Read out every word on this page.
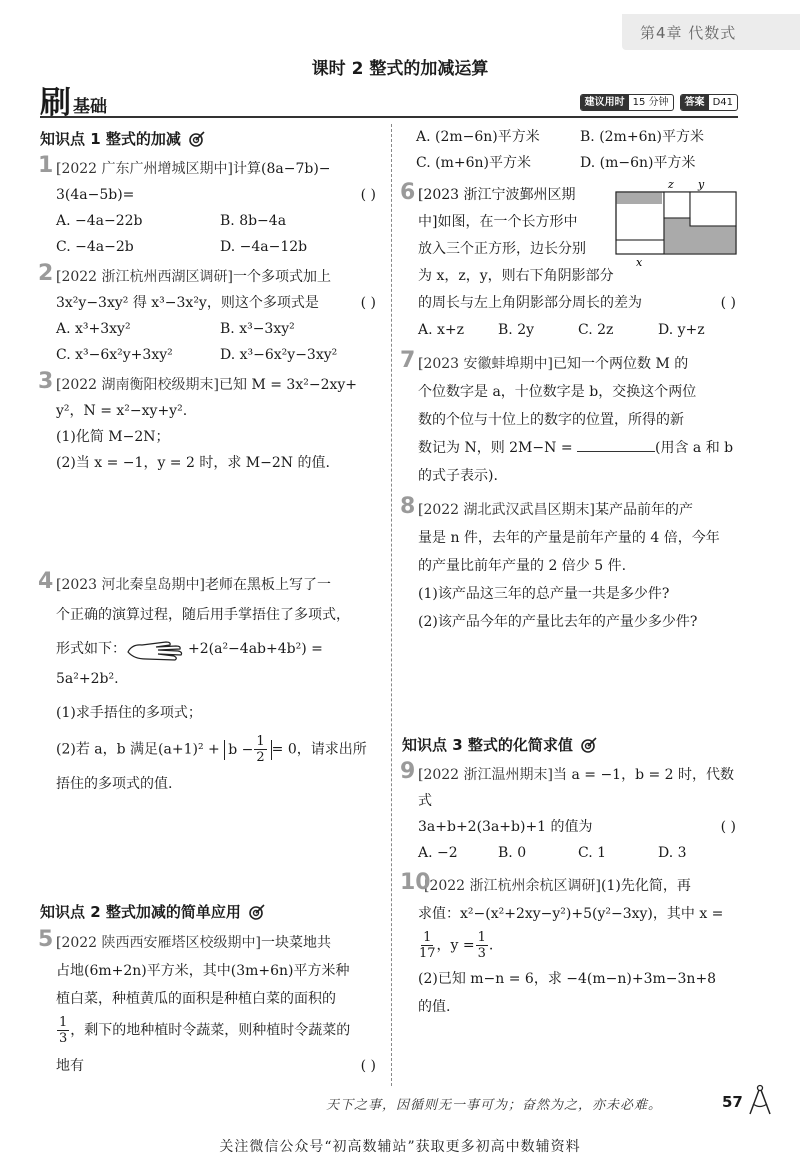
第4章 代数式
课时 2 整式的加减运算
刷 基础	建议用时 15 分钟	答案 D41
知识点 1 整式的加减
1 [2022 广东广州增城区期中]计算(8a−7b)−
3(4a−5b)=	( )
A. −4a−22b	B. 8b−4a
C. −4a−2b	D. −4a−12b
2 [2022 浙江杭州西湖区调研]一个多项式加上
3x²y−3xy² 得 x³−3x²y，则这个多项式是	( )
A. x³+3xy²	B. x³−3xy²
C. x³−6x²y+3xy²	D. x³−6x²y−3xy²
3 [2022 湖南衡阳校级期末]已知 M = 3x²−2xy+
y²，N = x²−xy+y².
(1)化简 M−2N；
(2)当 x = −1，y = 2 时，求 M−2N 的值.
4 [2023 河北秦皇岛期中]老师在黑板上写了一
个正确的演算过程，随后用手掌捂住了多项式，
形式如下：	+2(a²−4ab+4b²) = 5a²+2b².
(1)求手捂住的多项式；
(2)若 a，b 满足$(a+1)^2 + b - \frac{1}{2} = 0$，请求出所
捂住的多项式的值.
知识点 2 整式加减的简单应用
5 [2022 陕西西安雁塔区校级期中]一块菜地共
占地(6m+2n)平方米，其中(3m+6n)平方米种
植白菜，种植黄瓜的面积是种植白菜的面积的
$\frac{1}{3}$ ，剩下的地种植时令蔬菜，则种植时令蔬菜的
地有	( )
A. (2m−6n)平方米	B. (2m+6n)平方米
C. (m+6n)平方米	D. (m−6n)平方米
6	z y
x
[2023 浙江宁波鄞州区期
中]如图，在一个长方形中
放入三个正方形，边长分别
为 x，z，y，则右下角阴影部分
的周长与左上角阴影部分周长的差为	( )
A. x+z	B. 2y	C. 2z	D. y+z
7 [2023 安徽蚌埠期中]已知一个两位数 M 的
个位数字是 a，十位数字是 b，交换这个两位
数的个位与十位上的数字的位置，所得的新
数记为 N，则 2M−N =	(用含 a 和 b
的式子表示).
8 [2022 湖北武汉武昌区期末]某产品前年的产
量是 n 件，去年的产量是前年产量的 4 倍，今年
的产量比前年产量的 2 倍少 5 件.
(1)该产品这三年的总产量一共是多少件?
(2)该产品今年的产量比去年的产量少多少件?
知识点 3 整式的化简求值
9 [2022 浙江温州期末]当 a = −1，b = 2 时，代数式
3a+b+2(3a+b)+1 的值为	( )
A. −2	B. 0	C. 1	D. 3
10
[2022 浙江杭州余杭区调研](1)先化简，再
求值：x²−(x²+2xy−y²)+5(y²−3xy)，其中 x =
$\frac{1}{17}$ ，$y = \frac{1}{3}$ .
(2)已知 m−n = 6，求 −4(m−n)+3m−3n+8
的值.
天下之事，因循则无一事可为；奋然为之，亦未必难。	57
关注微信公众号“初高数辅站”获取更多初高中数辅资料
